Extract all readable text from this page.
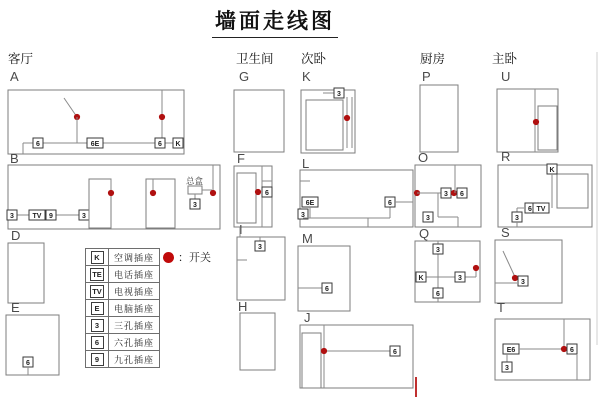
墙面走线图
客厅	卫生间 次卧	厨房	主卧
A
6	6E	6 K
B
3	TV 9	3
总盒
3
D
E
6
G
F
6
I
3
H
K
3
L
6E
3
6
M
6
J
6
P
O
3 6
3
Q
3
K	3
6
U
R
K
6 TV
3
S
3
T
E6
3
6
K	空调插座
TE	电话插座
TV	电视插座
E	电脑插座
3	三孔插座
6	六孔插座
9	九孔插座
：开关
